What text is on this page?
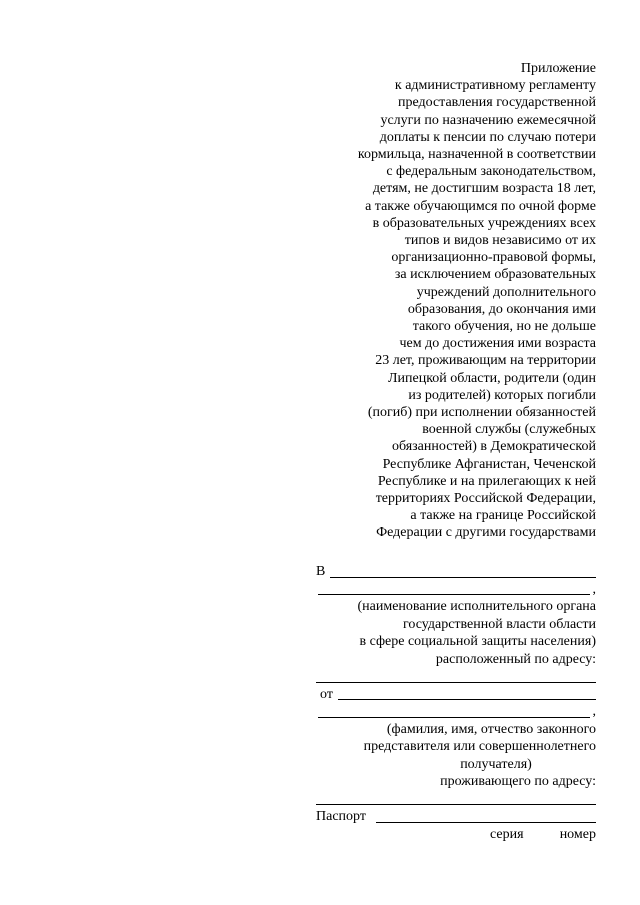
Приложение
к административному регламенту
предоставления государственной
услуги по назначению ежемесячной
доплаты к пенсии по случаю потери
кормильца, назначенной в соответствии
с федеральным законодательством,
детям, не достигшим возраста 18 лет,
а также обучающимся по очной форме
в образовательных учреждениях всех
типов и видов независимо от их
организационно-правовой формы,
за исключением образовательных
учреждений дополнительного
образования, до окончания ими
такого обучения, но не дольше
чем до достижения ими возраста
23 лет, проживающим на территории
Липецкой области, родители (один
из родителей) которых погибли
(погиб) при исполнении обязанностей
военной службы (служебных
обязанностей) в Демократической
Республике Афганистан, Чеченской
Республике и на прилегающих к ней
территориях Российской Федерации,
а также на границе Российской
Федерации с другими государствами
В
,
(наименование исполнительного органа
государственной власти области
в сфере социальной защиты населения)
расположенный по адресу:
от
,
(фамилия, имя, отчество законного
представителя или совершеннолетнего
получателя)
проживающего по адресу:
Паспорт
серия	номер
